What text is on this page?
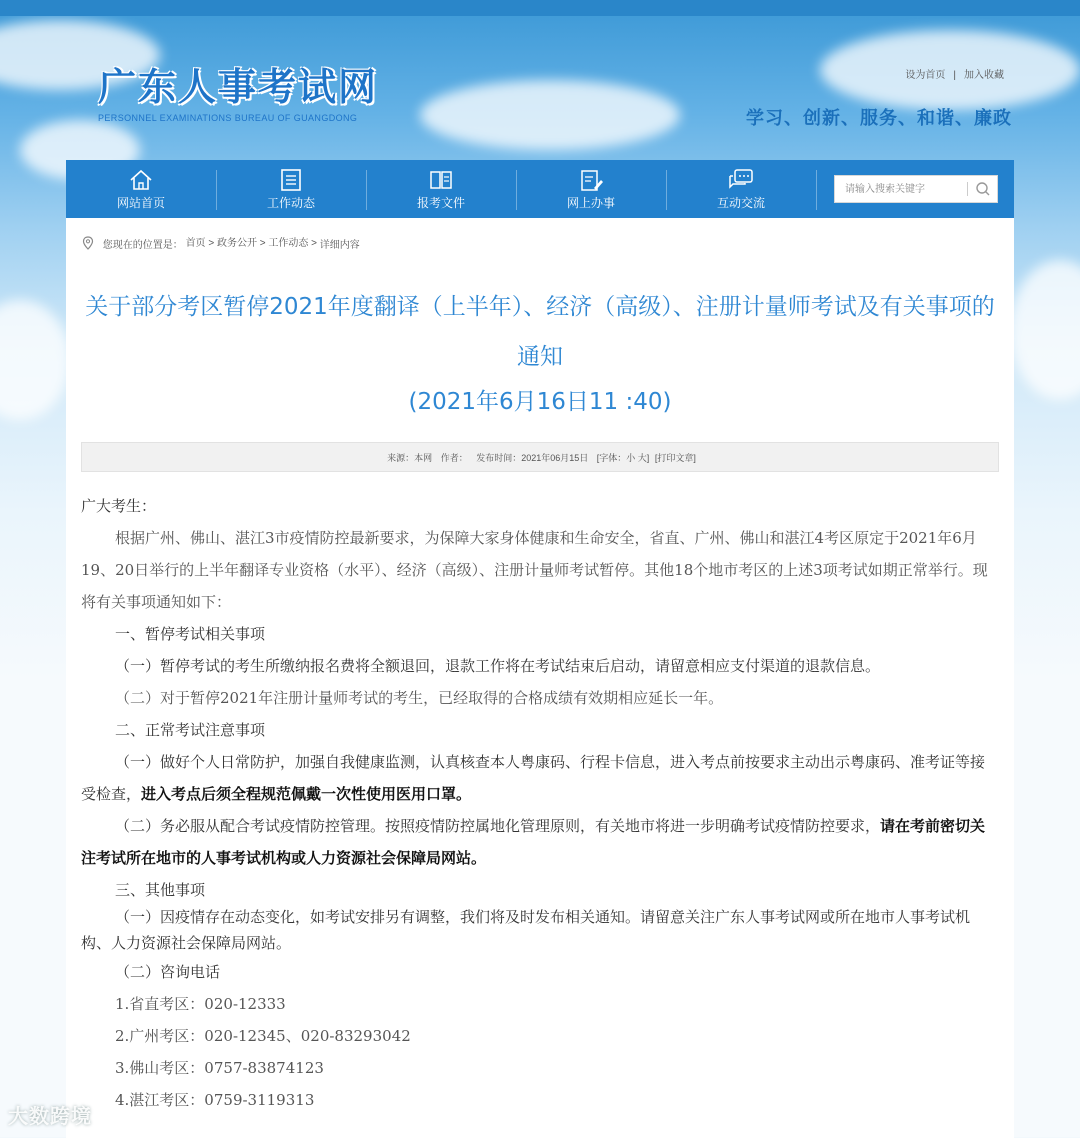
广东人事考试网
PERSONNEL EXAMINATIONS BUREAU OF GUANGDONG
设为首页 | 加入收藏
学习、创新、服务、和谐、廉政
网站首页	工作动态	报考文件	网上办事	互动交流
请输入搜索关键字
您现在的位置是： 首页 > 政务公开 > 工作动态 > 详细内容
关于部分考区暂停2021年度翻译（上半年）、经济（高级）、注册计量师考试及有关事项的通知
(2021年6月16日11 :40)
来源：本网 作者： 发布时间：2021年06月15日 [字体：小 大] [打印文章]
广大考生：
根据广州、佛山、湛江3市疫情防控最新要求，为保障大家身体健康和生命安全，省直、广州、佛山和湛江4考区原定于2021年6月19、20日举行的上半年翻译专业资格（水平）、经济（高级）、注册计量师考试暂停。其他18个地市考区的上述3项考试如期正常举行。现将有关事项通知如下：
一、暂停考试相关事项
（一）暂停考试的考生所缴纳报名费将全额退回，退款工作将在考试结束后启动，请留意相应支付渠道的退款信息。
（二）对于暂停2021年注册计量师考试的考生，已经取得的合格成绩有效期相应延长一年。
二、正常考试注意事项
（一）做好个人日常防护，加强自我健康监测，认真核查本人粤康码、行程卡信息，进入考点前按要求主动出示粤康码、准考证等接受检查，进入考点后须全程规范佩戴一次性使用医用口罩。
（二）务必服从配合考试疫情防控管理。按照疫情防控属地化管理原则，有关地市将进一步明确考试疫情防控要求，请在考前密切关注考试所在地市的人事考试机构或人力资源社会保障局网站。
三、其他事项
（一）因疫情存在动态变化，如考试安排另有调整，我们将及时发布相关通知。请留意关注广东人事考试网或所在地市人事考试机构、人力资源社会保障局网站。
（二）咨询电话
1.省直考区：020-12333
2.广州考区：020-12345、020-83293042
3.佛山考区：0757-83874123
4.湛江考区：0759-3119313
大数跨境
